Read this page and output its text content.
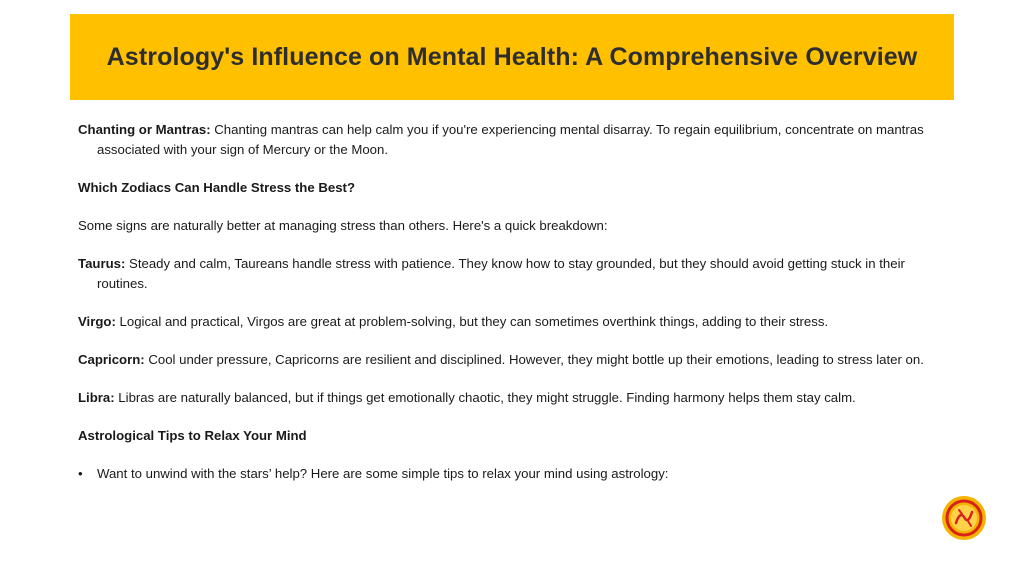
Astrology's Influence on Mental Health: A Comprehensive Overview

Chanting or Mantras: Chanting mantras can help calm you if you're experiencing mental disarray. To regain equilibrium, concentrate on mantras associated with your sign of Mercury or the Moon.

Which Zodiacs Can Handle Stress the Best?

Some signs are naturally better at managing stress than others. Here's a quick breakdown:

Taurus: Steady and calm, Taureans handle stress with patience. They know how to stay grounded, but they should avoid getting stuck in their routines.

Virgo: Logical and practical, Virgos are great at problem-solving, but they can sometimes overthink things, adding to their stress.

Capricorn: Cool under pressure, Capricorns are resilient and disciplined. However, they might bottle up their emotions, leading to stress later on.

Libra: Libras are naturally balanced, but if things get emotionally chaotic, they might struggle. Finding harmony helps them stay calm.

Astrological Tips to Relax Your Mind

•	Want to unwind with the stars’ help? Here are some simple tips to relax your mind using astrology:
